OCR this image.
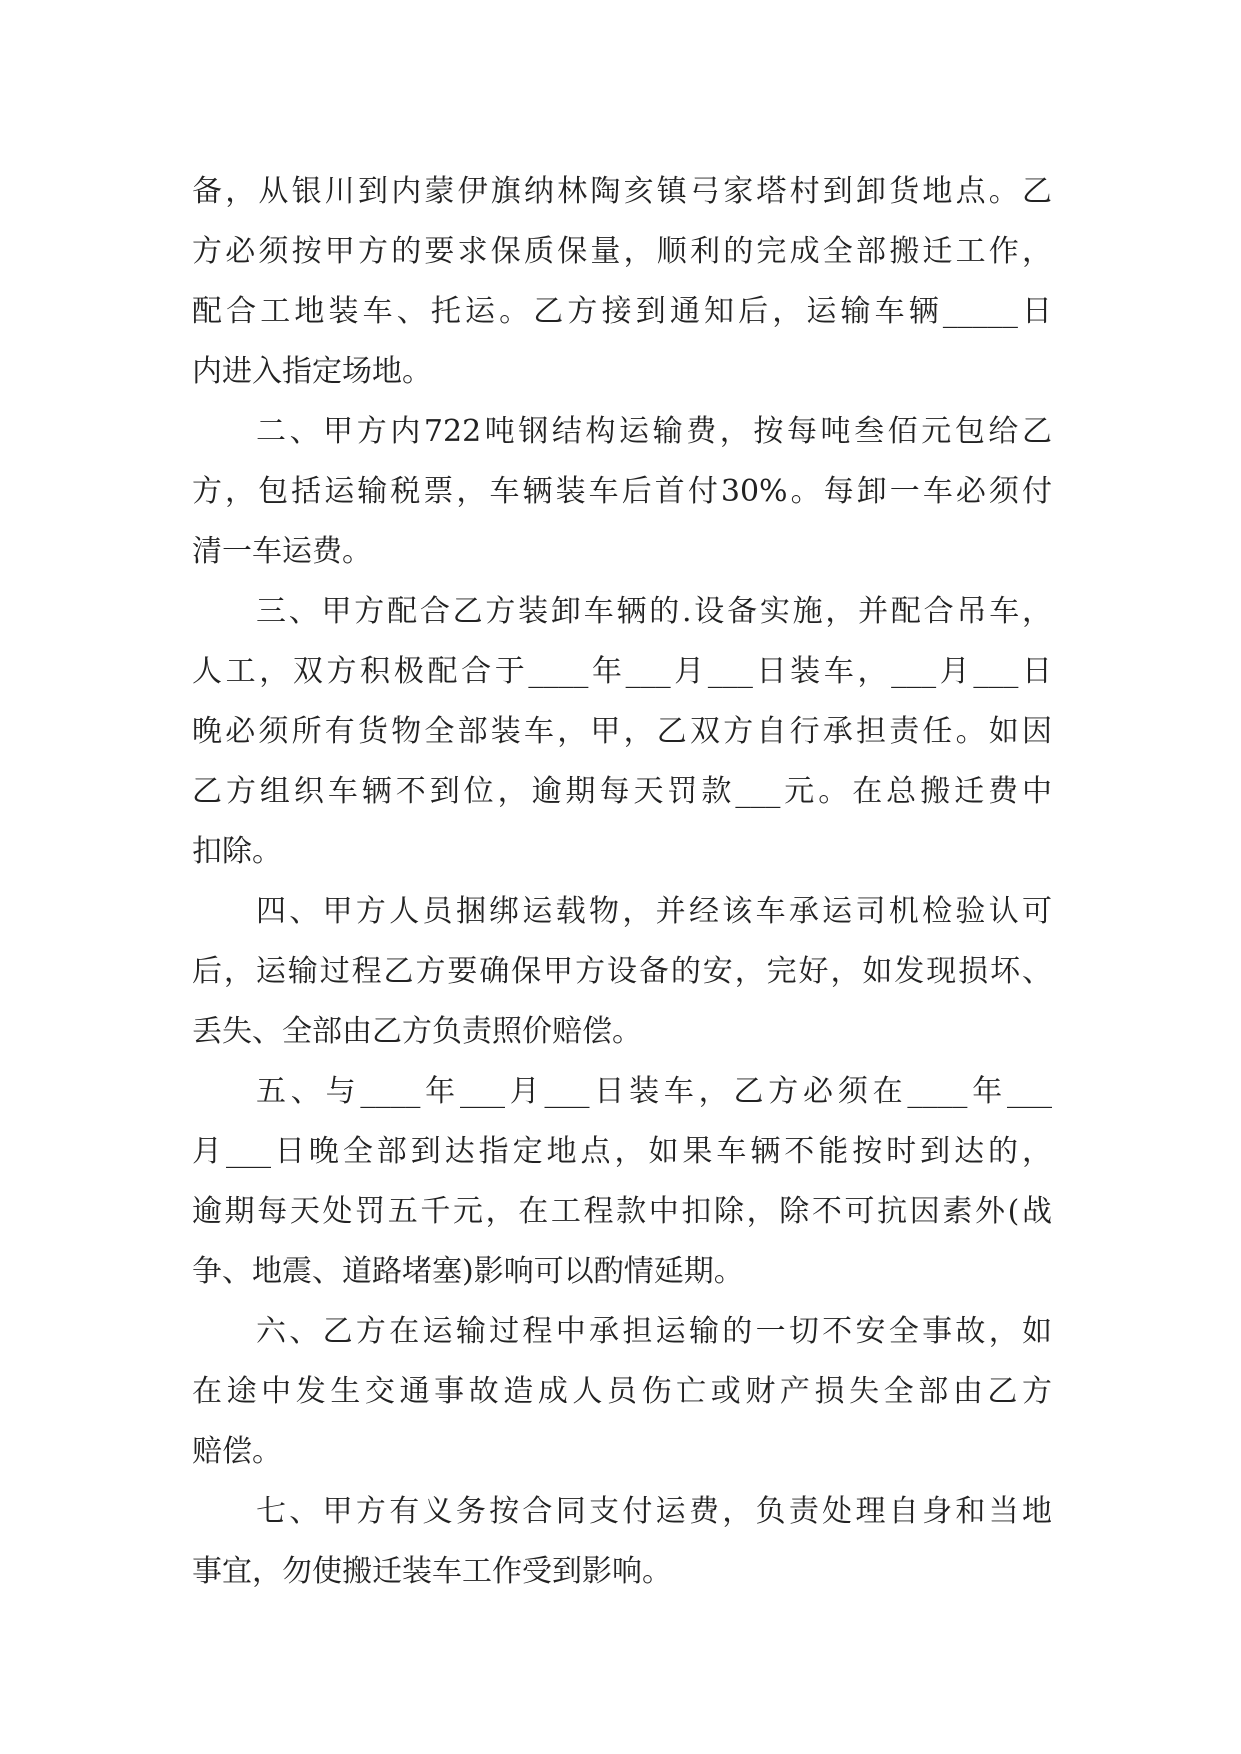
备，从银川到内蒙伊旗纳林陶亥镇弓家塔村到卸货地点。乙
方必须按甲方的要求保质保量，顺利的完成全部搬迁工作，
配合工地装车、托运。乙方接到通知后，运输车辆_____日
内进入指定场地。
二、甲方内722吨钢结构运输费，按每吨叁佰元包给乙
方，包括运输税票，车辆装车后首付30%。每卸一车必须付
清一车运费。
三、甲方配合乙方装卸车辆的.设备实施，并配合吊车，
人工，双方积极配合于____年___月___日装车，___月___日
晚必须所有货物全部装车，甲，乙双方自行承担责任。如因
乙方组织车辆不到位，逾期每天罚款___元。在总搬迁费中
扣除。
四、甲方人员捆绑运载物，并经该车承运司机检验认可
后，运输过程乙方要确保甲方设备的安，完好，如发现损坏、
丢失、全部由乙方负责照价赔偿。
五、与____年___月___日装车，乙方必须在____年___
月___日晚全部到达指定地点，如果车辆不能按时到达的，
逾期每天处罚五千元，在工程款中扣除，除不可抗因素外(战
争、地震、道路堵塞)影响可以酌情延期。
六、乙方在运输过程中承担运输的一切不安全事故，如
在途中发生交通事故造成人员伤亡或财产损失全部由乙方
赔偿。
七、甲方有义务按合同支付运费，负责处理自身和当地
事宜，勿使搬迁装车工作受到影响。
